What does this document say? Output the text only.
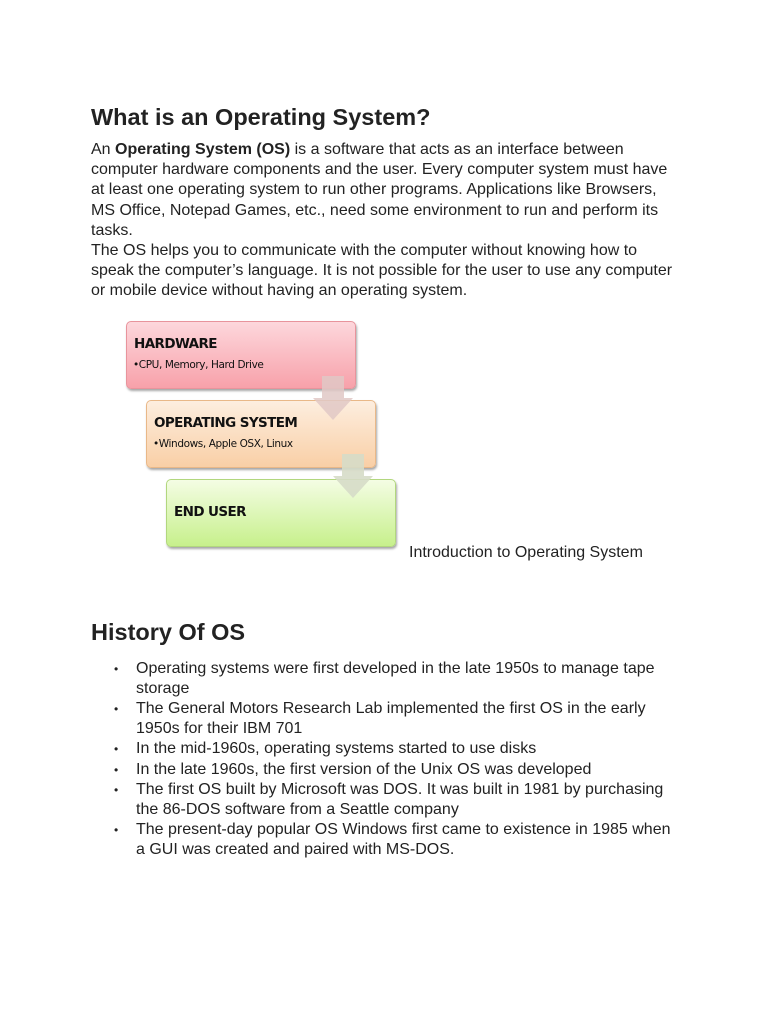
What is an Operating System?

An Operating System (OS) is a software that acts as an interface between computer hardware components and the user. Every computer system must have at least one operating system to run other programs. Applications like Browsers, MS Office, Notepad Games, etc., need some environment to run and perform its tasks.

The OS helps you to communicate with the computer without knowing how to speak the computer’s language. It is not possible for the user to use any computer or mobile device without having an operating system.

HARDWARE
•CPU, Memory, Hard Drive
OPERATING SYSTEM
•Windows, Apple OSX, Linux
END USER
Introduction to Operating System
History Of OS
• Operating systems were first developed in the late 1950s to manage tape storage
• The General Motors Research Lab implemented the first OS in the early 1950s for their IBM 701
• In the mid-1960s, operating systems started to use disks
• In the late 1960s, the first version of the Unix OS was developed
• The first OS built by Microsoft was DOS. It was built in 1981 by purchasing the 86-DOS software from a Seattle company
• The present-day popular OS Windows first came to existence in 1985 when a GUI was created and paired with MS-DOS.
